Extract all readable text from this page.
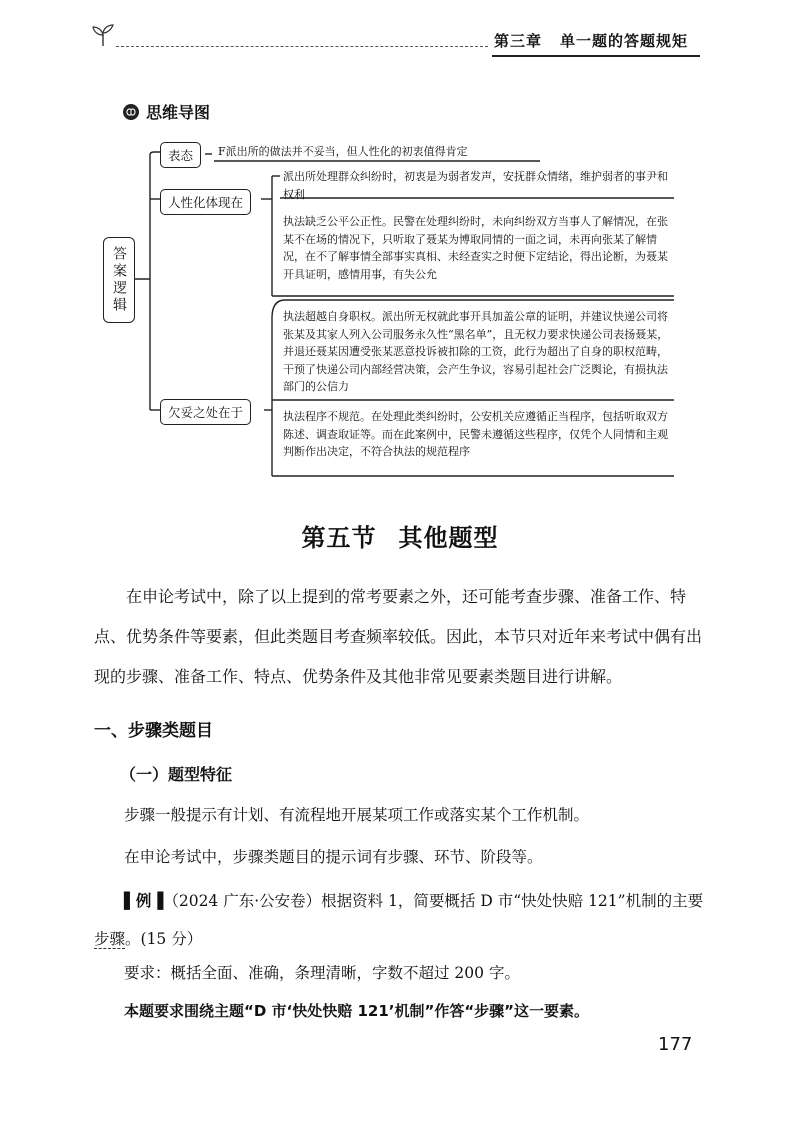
第三章 单一题的答题规矩
思维导图
答案逻辑
表态
人性化体现在
欠妥之处在于
F派出所的做法并不妥当，但人性化的初衷值得肯定
派出所处理群众纠纷时，初衷是为弱者发声，安抚群众情绪，维护弱者的事尹和权利
执法缺乏公平公正性。民警在处理纠纷时，未向纠纷双方当事人了解情况，在张某不在场的情况下，只听取了聂某为博取同情的一面之词，未再向张某了解情况，在不了解事情全部事实真相、未经查实之时便下定结论，得出论断，为聂某开具证明，感情用事，有失公允
执法超越自身职权。派出所无权就此事开具加盖公章的证明，并建议快递公司将张某及其家人列入公司服务永久性“黑名单”，且无权力要求快递公司表扬聂某，并退还聂某因遭受张某恶意投诉被扣除的工资，此行为超出了自身的职权范畴，干预了快递公司内部经营决策，会产生争议，容易引起社会广泛舆论，有损执法部门的公信力
执法程序不规范。在处理此类纠纷时，公安机关应遵循正当程序，包括听取双方陈述、调查取证等。而在此案例中，民警未遵循这些程序，仅凭个人同情和主观判断作出决定，不符合执法的规范程序
第五节 其他题型

在申论考试中，除了以上提到的常考要素之外，还可能考查步骤、准备工作、特点、优势条件等要素，但此类题目考查频率较低。因此，本节只对近年来考试中偶有出现的步骤、准备工作、特点、优势条件及其他非常见要素类题目进行讲解。

一、步骤类题目
（一）题型特征
步骤一般提示有计划、有流程地开展某项工作或落实某个工作机制。
在申论考试中，步骤类题目的提示词有步骤、环节、阶段等。
▌例▐（2024 广东·公安卷）根据资料 1，简要概括 D 市“快处快赔 121”机制的主要步骤。(15 分）
要求：概括全面、准确，条理清晰，字数不超过 200 字。
本题要求围绕主题“D 市‘快处快赔 121’机制”作答“步骤”这一要素。
177
